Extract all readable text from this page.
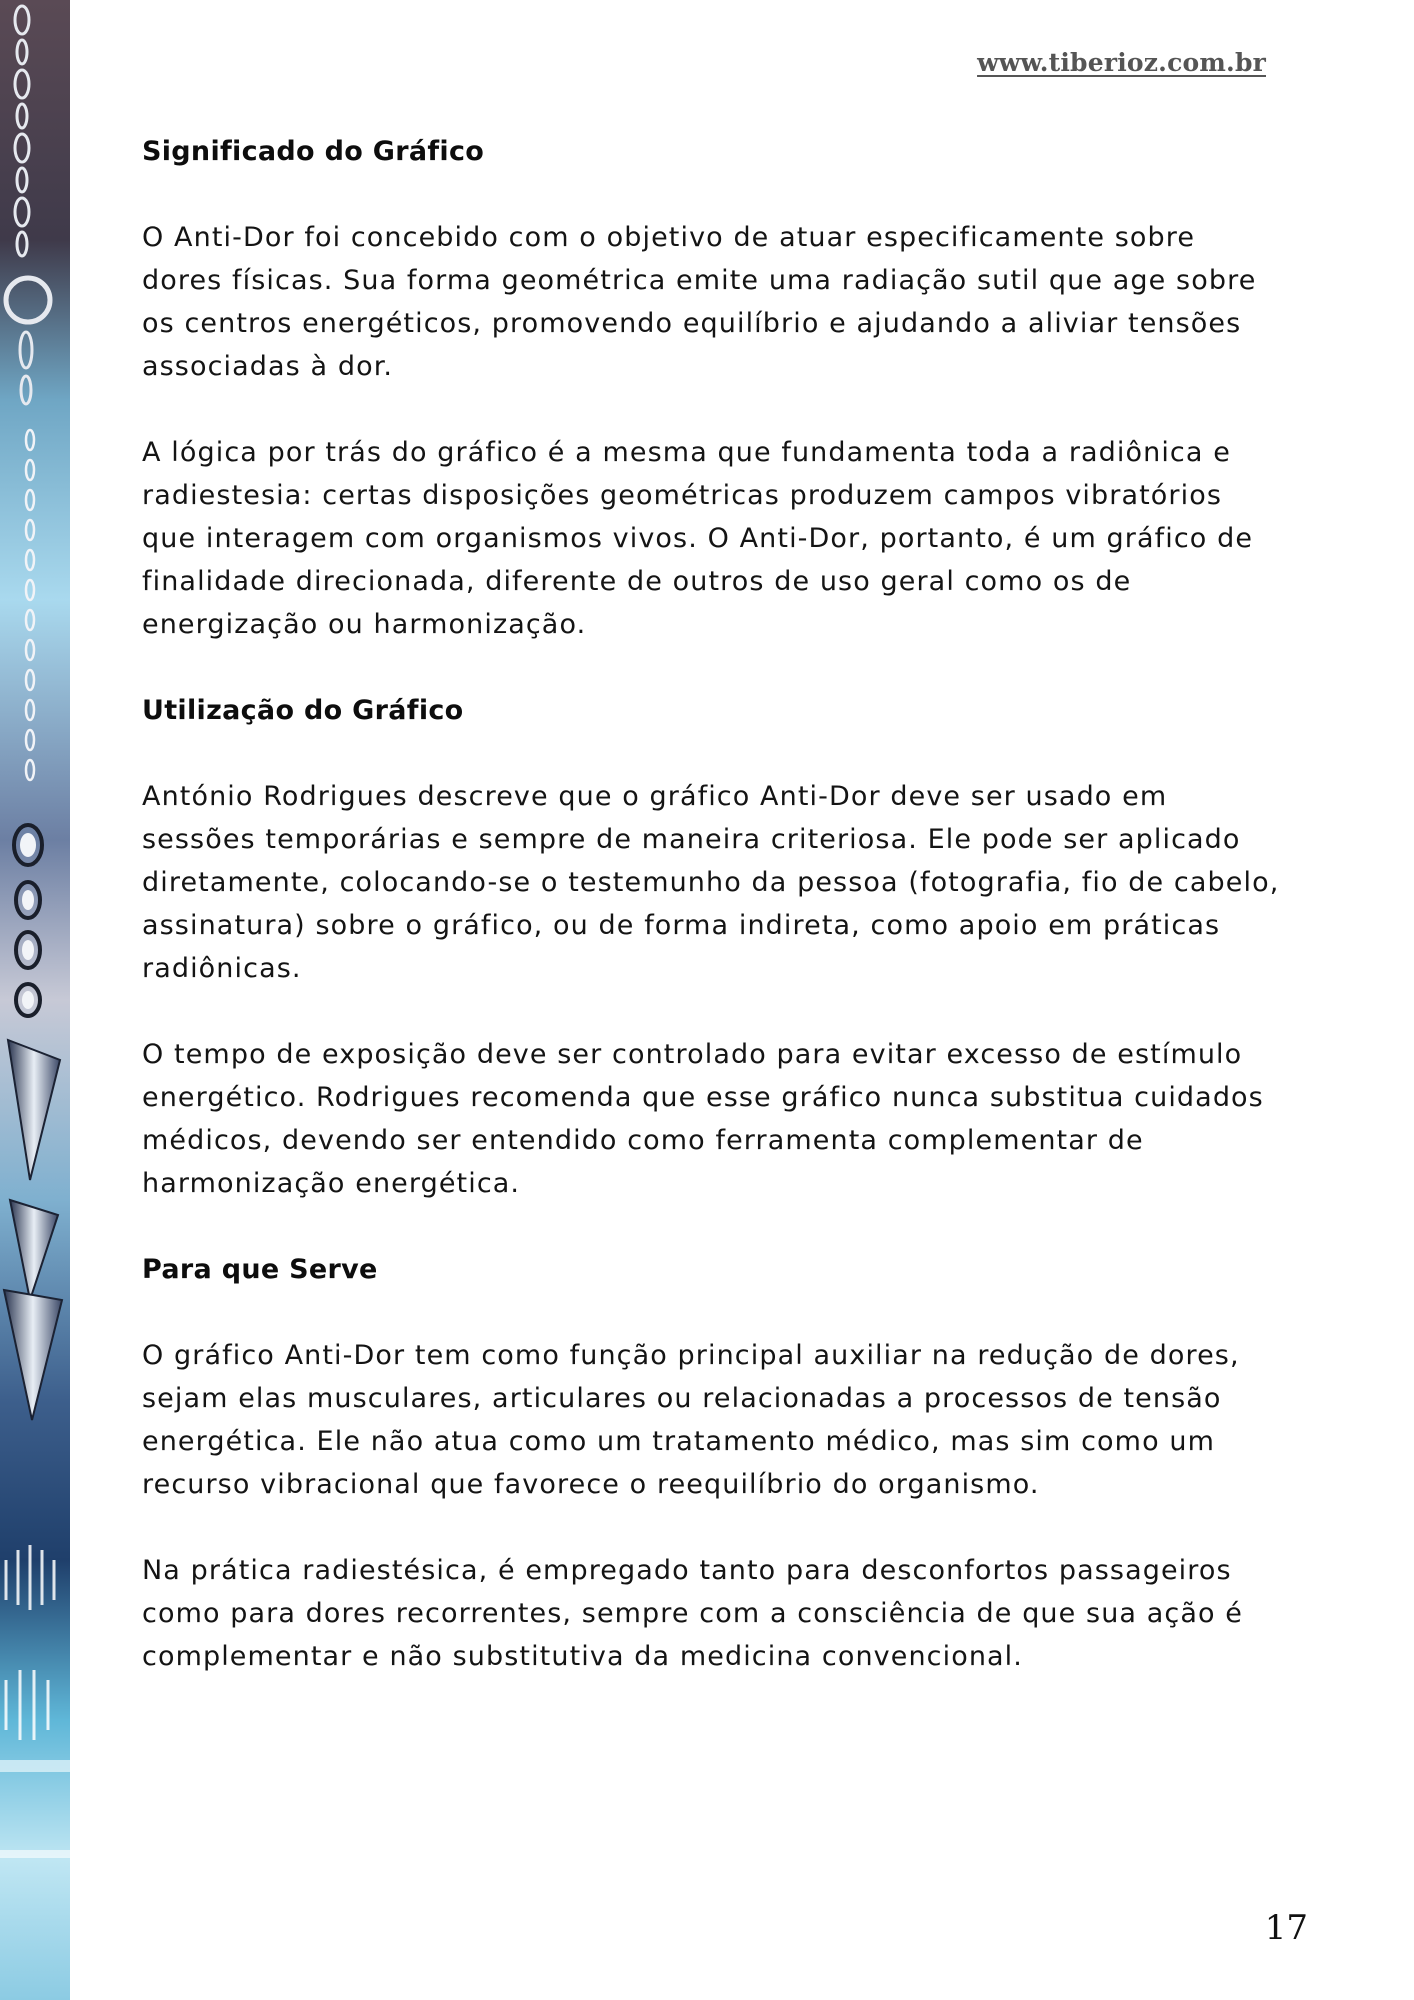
www.tiberioz.com.br
Significado do Gráfico

O Anti-Dor foi concebido com o objetivo de atuar especificamente sobre dores físicas. Sua forma geométrica emite uma radiação sutil que age sobre os centros energéticos, promovendo equilíbrio e ajudando a aliviar tensões associadas à dor.

A lógica por trás do gráfico é a mesma que fundamenta toda a radiônica e radiestesia: certas disposições geométricas produzem campos vibratórios que interagem com organismos vivos. O Anti-Dor, portanto, é um gráfico de finalidade direcionada, diferente de outros de uso geral como os de energização ou harmonização.

Utilização do Gráfico

António Rodrigues descreve que o gráfico Anti-Dor deve ser usado em sessões temporárias e sempre de maneira criteriosa. Ele pode ser aplicado diretamente, colocando-se o testemunho da pessoa (fotografia, fio de cabelo, assinatura) sobre o gráfico, ou de forma indireta, como apoio em práticas radiônicas.

O tempo de exposição deve ser controlado para evitar excesso de estímulo energético. Rodrigues recomenda que esse gráfico nunca substitua cuidados médicos, devendo ser entendido como ferramenta complementar de harmonização energética.

Para que Serve

O gráfico Anti-Dor tem como função principal auxiliar na redução de dores, sejam elas musculares, articulares ou relacionadas a processos de tensão energética. Ele não atua como um tratamento médico, mas sim como um recurso vibracional que favorece o reequilíbrio do organismo.

Na prática radiestésica, é empregado tanto para desconfortos passageiros como para dores recorrentes, sempre com a consciência de que sua ação é complementar e não substitutiva da medicina convencional.

17
